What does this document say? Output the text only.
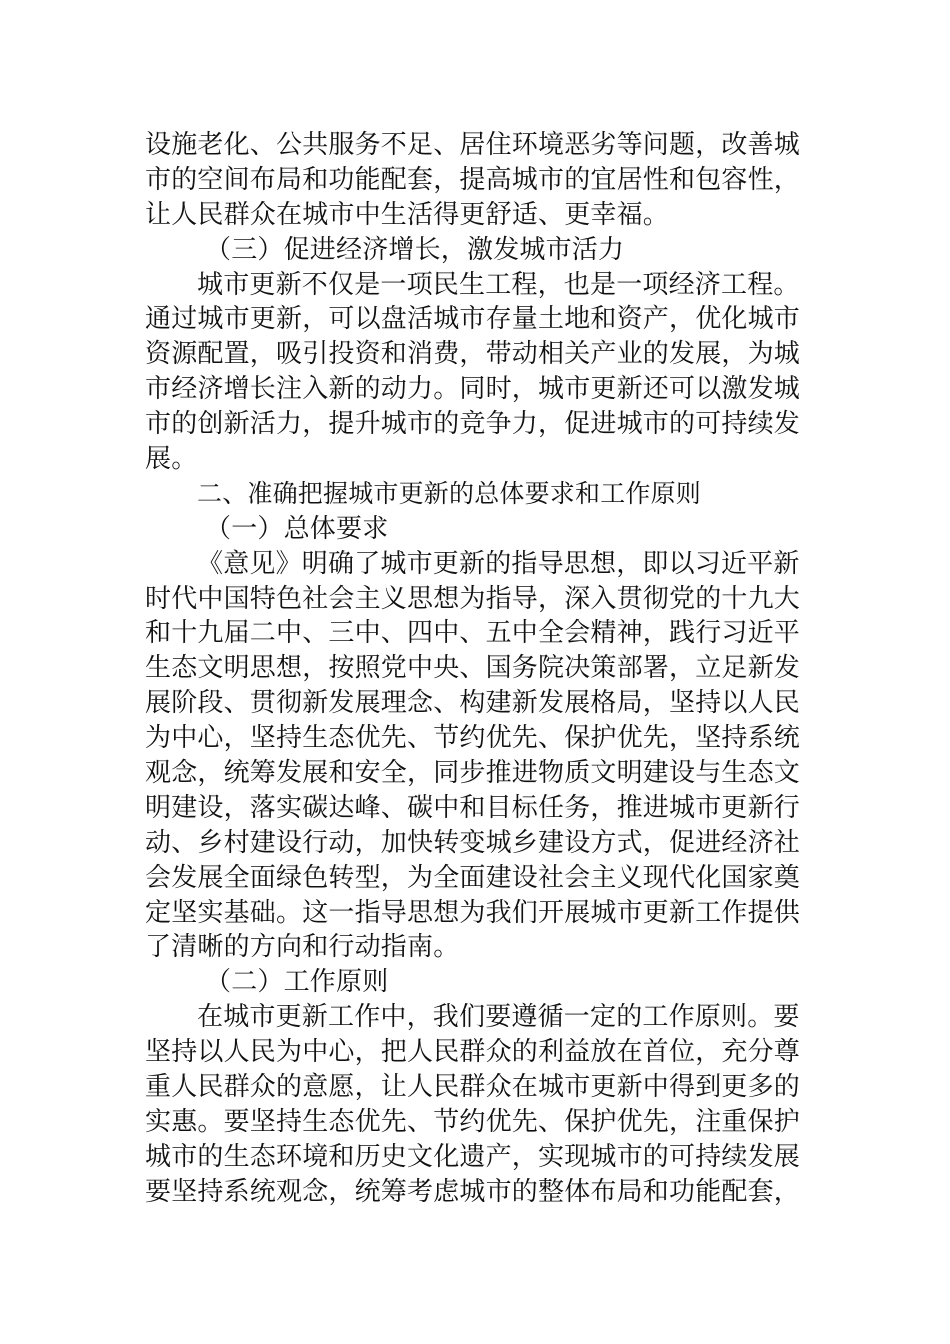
设施老化、公共服务不足、居住环境恶劣等问题，改善城
市的空间布局和功能配套，提高城市的宜居性和包容性，
让人民群众在城市中生活得更舒适、更幸福。
（三）促进经济增长，激发城市活力
城市更新不仅是一项民生工程，也是一项经济工程。
通过城市更新，可以盘活城市存量土地和资产，优化城市
资源配置，吸引投资和消费，带动相关产业的发展，为城
市经济增长注入新的动力。同时，城市更新还可以激发城
市的创新活力，提升城市的竞争力，促进城市的可持续发
展。
二、准确把握城市更新的总体要求和工作原则
（一）总体要求
《意见》明确了城市更新的指导思想，即以习近平新
时代中国特色社会主义思想为指导，深入贯彻党的十九大
和十九届二中、三中、四中、五中全会精神，践行习近平
生态文明思想，按照党中央、国务院决策部署，立足新发
展阶段、贯彻新发展理念、构建新发展格局，坚持以人民
为中心，坚持生态优先、节约优先、保护优先，坚持系统
观念，统筹发展和安全，同步推进物质文明建设与生态文
明建设，落实碳达峰、碳中和目标任务，推进城市更新行
动、乡村建设行动，加快转变城乡建设方式，促进经济社
会发展全面绿色转型，为全面建设社会主义现代化国家奠
定坚实基础。这一指导思想为我们开展城市更新工作提供
了清晰的方向和行动指南。
（二）工作原则
在城市更新工作中，我们要遵循一定的工作原则。要
坚持以人民为中心，把人民群众的利益放在首位，充分尊
重人民群众的意愿，让人民群众在城市更新中得到更多的
实惠。要坚持生态优先、节约优先、保护优先，注重保护
城市的生态环境和历史文化遗产，实现城市的可持续发展
要坚持系统观念，统筹考虑城市的整体布局和功能配套，
